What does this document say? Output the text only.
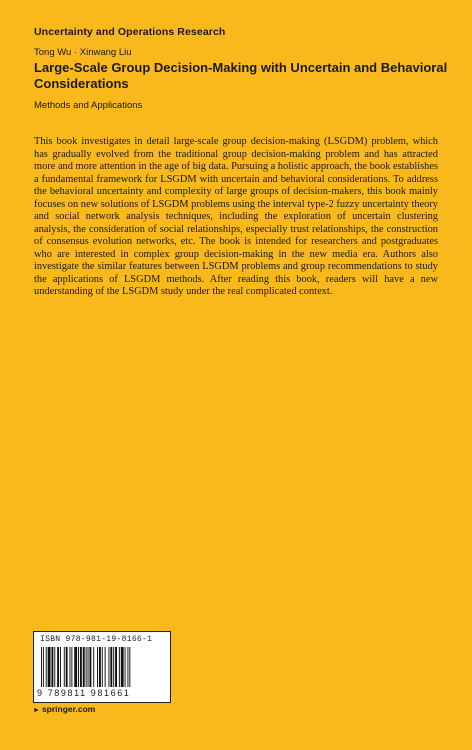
Uncertainty and Operations Research
Tong Wu · Xinwang Liu
Large-Scale Group Decision-Making with Uncertain and Behavioral Considerations
Methods and Applications

This book investigates in detail large-scale group decision-making (LSGDM) problem, which has gradually evolved from the traditional group decision-making problem and has attracted more and more attention in the age of big data. Pursuing a holistic approach, the book establishes a fundamental framework for LSGDM with uncertain and behavioral considerations. To address the behavioral uncertainty and complexity of large groups of decision-makers, this book mainly focuses on new solutions of LSGDM problems using the interval type-2 fuzzy uncertainty theory and social network analysis techniques, including the exploration of uncertain clustering analysis, the consideration of social relationships, especially trust relationships, the construction of consensus evolution networks, etc. The book is intended for researchers and postgraduates who are interested in complex group decision-making in the new media era. Authors also investigate the similar features between LSGDM problems and group recommendations to study the applications of LSGDM methods. After reading this book, readers will have a new understanding of the LSGDM study under the real complicated context.

ISBN 978-981-19-8166-1
9 789811 981661
► springer.com
